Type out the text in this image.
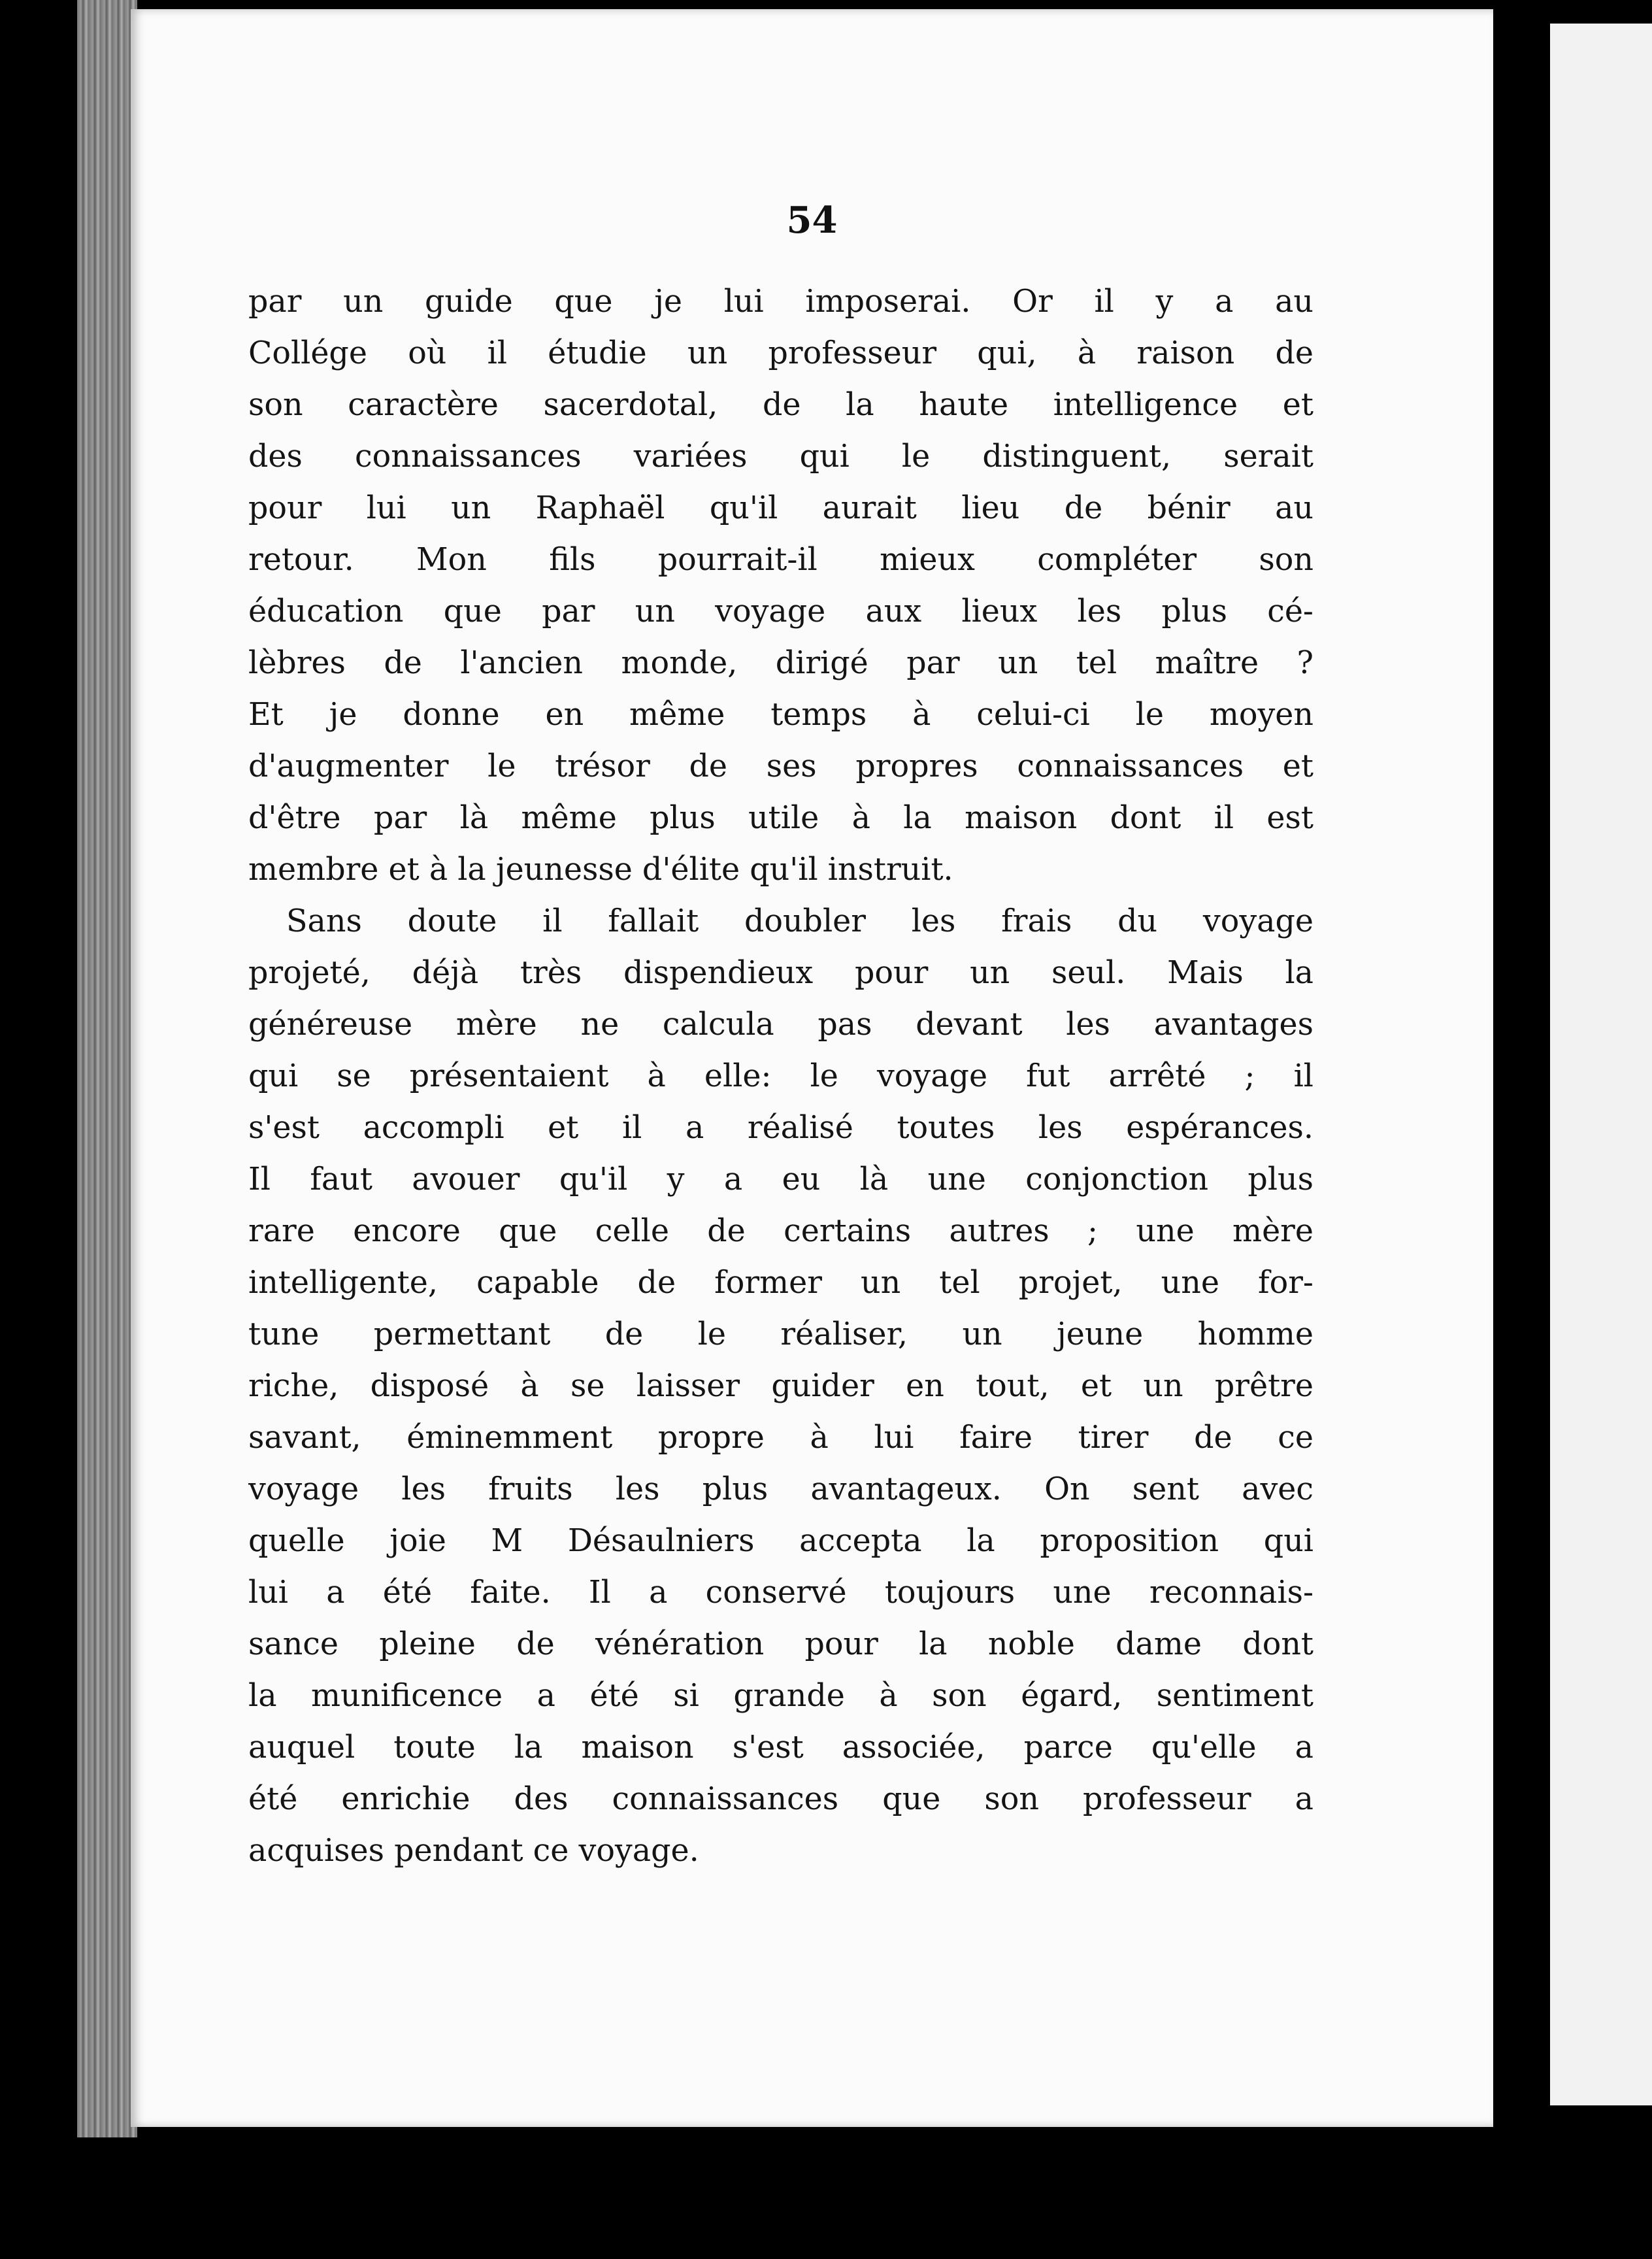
54

par un guide que je lui imposerai. Or il y a au
Collége où il étudie un professeur qui, à raison de
son caractère sacerdotal, de la haute intelligence et
des connaissances variées qui le distinguent, serait
pour lui un Raphaël qu'il aurait lieu de bénir au
retour. Mon fils pourrait-il mieux compléter son
éducation que par un voyage aux lieux les plus cé-
lèbres de l'ancien monde, dirigé par un tel maître ?
Et je donne en même temps à celui-ci le moyen
d'augmenter le trésor de ses propres connaissances et
d'être par là même plus utile à la maison dont il est
membre et à la jeunesse d'élite qu'il instruit.
Sans doute il fallait doubler les frais du voyage
projeté, déjà très dispendieux pour un seul. Mais la
généreuse mère ne calcula pas devant les avantages
qui se présentaient à elle: le voyage fut arrêté ; il
s'est accompli et il a réalisé toutes les espérances.
Il faut avouer qu'il y a eu là une conjonction plus
rare encore que celle de certains autres ; une mère
intelligente, capable de former un tel projet, une for-
tune permettant de le réaliser, un jeune homme
riche, disposé à se laisser guider en tout, et un prêtre
savant, éminemment propre à lui faire tirer de ce
voyage les fruits les plus avantageux. On sent avec
quelle joie M Désaulniers accepta la proposition qui
lui a été faite. Il a conservé toujours une reconnais-
sance pleine de vénération pour la noble dame dont
la munificence a été si grande à son égard, sentiment
auquel toute la maison s'est associée, parce qu'elle a
été enrichie des connaissances que son professeur a
acquises pendant ce voyage.
